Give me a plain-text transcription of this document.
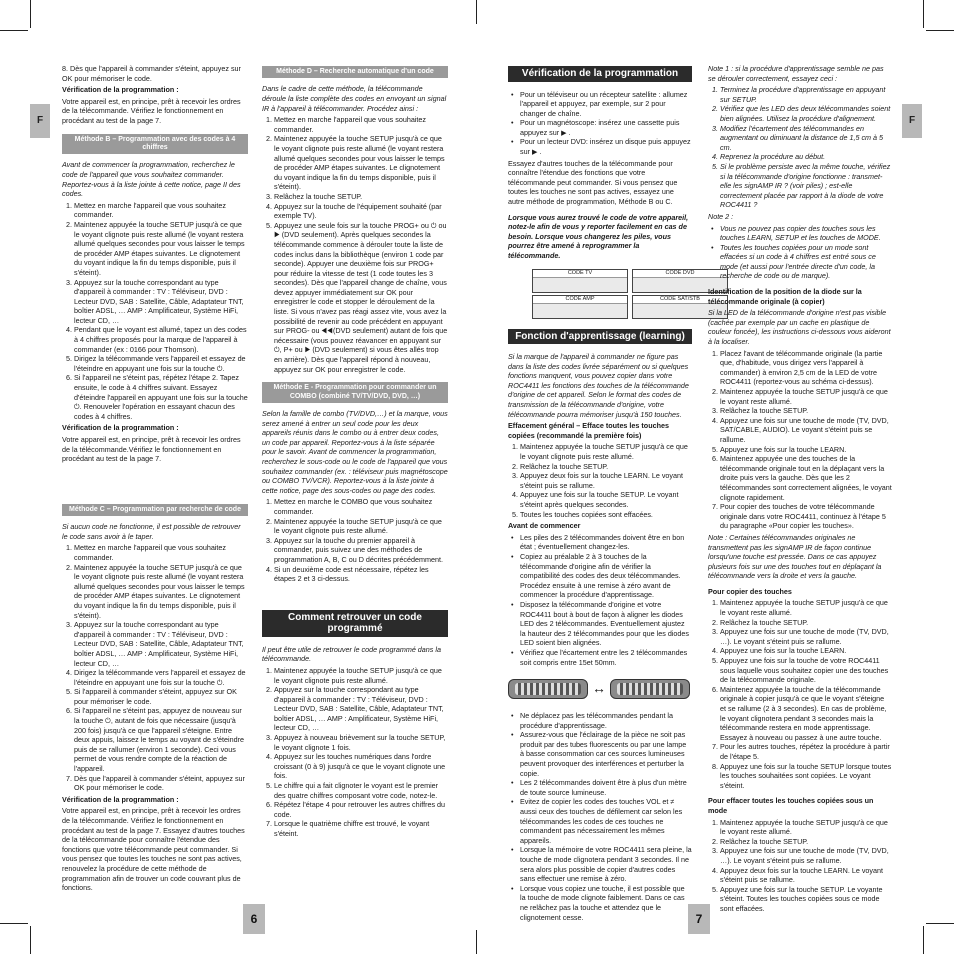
F	F
6	7

8. Dès que l'appareil à commander s'éteint, appuyez sur OK pour mémoriser le code.

Vérification de la programmation :

Votre appareil est, en principe, prêt à recevoir les ordres de la télécommande. Vérifiez le fonctionnement en procédant au test de la page 7.

Méthode B – Programmation avec des codes à 4 chiffres

Avant de commencer la programmation, recherchez le code de l'appareil que vous souhaitez commander. Reportez-vous à la liste jointe à cette notice, page II des codes.

1. Mettez en marche l'appareil que vous souhaitez commander.
2. Maintenez appuyée la touche SETUP jusqu'à ce que le voyant clignote puis reste allumé (le voyant restera allumé quelques secondes pour vous laisser le temps de procéder AMP étapes suivantes. Le clignotement du voyant indique la fin du temps disponible, puis il s'éteint).
3. Appuyez sur la touche correspondant au type d'appareil à commander : TV : Téléviseur, DVD : Lecteur DVD, SAB : Satellite, Câble, Adaptateur TNT, boîtier ADSL, … AMP : Amplificateur, Système HiFi, lecteur CD, …
4. Pendant que le voyant est allumé, tapez un des codes à 4 chiffres proposés pour la marque de l'appareil à commander (ex : 0166 pour Thomson).
5. Dirigez la télécommande vers l'appareil et essayez de l'éteindre en appuyant une fois sur la touche ⏻.
6. Si l'appareil ne s'éteint pas, répétez l'étape 2. Tapez ensuite, le code à 4 chiffres suivant. Essayez d'éteindre l'appareil en appuyant une fois sur la touche ⏻. Renouveler l'opération en essayant chacun des codes à 4 chiffres.

Vérification de la programmation :

Votre appareil est, en principe, prêt à recevoir les ordres de la télécommande.Vérifiez le fonctionnement en procédant au test de la page 7.

Méthode C – Programmation par recherche de code

Si aucun code ne fonctionne, il est possible de retrouver le code sans avoir à le taper.

1. Mettez en marche l'appareil que vous souhaitez commander.
2. Maintenez appuyée la touche SETUP jusqu'à ce que le voyant clignote puis reste allumé (le voyant restera allumé quelques secondes pour vous laisser le temps de procéder AMP étapes suivantes. Le clignotement du voyant indique la fin du temps disponible, puis il s'éteint).
3. Appuyez sur la touche correspondant au type d'appareil à commander : TV : Téléviseur, DVD : Lecteur DVD, SAB : Satellite, Câble, Adaptateur TNT, boîtier ADSL, … AMP : Amplificateur, Système HiFi, lecteur CD, …
4. Dirigez la télécommande vers l'appareil et essayez de l'éteindre en appuyant une fois sur la touche ⏻.
5. Si l'appareil à commander s'éteint, appuyez sur OK pour mémoriser le code.
6. Si l'appareil ne s'éteint pas, appuyez de nouveau sur la touche ⏻, autant de fois que nécessaire (jusqu'à 200 fois) jusqu'à ce que l'appareil s'éteigne. Entre deux appuis, laissez le temps au voyant de s'éteindre puis de se rallumer (environ 1 seconde). Ceci vous permet de vous rendre compte de la réaction de l'appareil.
7. Dès que l'appareil à commander s'éteint, appuyez sur OK pour mémoriser le code.

Vérification de la programmation :

Votre appareil est, en principe, prêt à recevoir les ordres de la télécommande. Vérifiez le fonctionnement en procédant au test de la page 7. Essayez d'autres touches de la télécommande pour connaître l'étendue des fonctions que votre télécommande peut commander. Si vous pensez que toutes les touches ne sont pas actives, renouvelez la procédure de cette méthode de programmation afin de trouver un code couvrant plus de fonctions.

Méthode D – Recherche automatique d'un code

Dans le cadre de cette méthode, la télécommande déroule la liste complète des codes en envoyant un signal IR à l'appareil à télécommander. Procédez ainsi :

1. Mettez en marche l'appareil que vous souhaitez commander.
2. Maintenez appuyée la touche SETUP jusqu'à ce que le voyant clignote puis reste allumé (le voyant restera allumé quelques secondes pour vous laisser le temps de procéder AMP étapes suivantes. Le clignotement du voyant indique la fin du temps disponible, puis il s'éteint).
3. Relâchez la touche SETUP.
4. Appuyez sur la touche de l'équipement souhaité (par exemple TV).
5. Appuyez une seule fois sur la touche PROG+ ou ⏻ ou ▶ (DVD seulement). Après quelques secondes la télécommande commence à dérouler toute la liste de codes inclus dans la bibliothèque (environ 1 code par seconde). Appuyer une deuxième fois sur PROG+ pour réduire la vitesse de test (1 code toutes les 3 secondes). Dès que l'appareil change de chaîne, vous devez appuyer immédiatement sur OK pour enregistrer le code et stopper le déroulement de la liste. Si vous n'avez pas réagi assez vite, vous avez la possibilité de revenir au code précédent en appuyant sur PROG- ou ◀◀(DVD seulement) autant de fois que nécessaire (vous pouvez réavancer en appuyant sur ⏻, P+ ou ▶ (DVD seulement) si vous êtes allés trop en arrière). Dès que l'appareil répond à nouveau, appuyez sur OK pour enregistrer le code.
Méthode E - Programmation pour commander un COMBO (combiné TV/TV/DVD, DVD, …)

Selon la famille de combo (TV/DVD,…) et la marque, vous serez amené à entrer un seul code pour les deux appareils réunis dans le combo ou à entrer deux codes, un code par appareil. Reportez-vous à la liste séparée pour le savoir. Avant de commencer la programmation, recherchez le sous-code ou le code de l'appareil que vous souhaitez commander (ex. : téléviseur puis magnétoscope ou COMBO TV/VCR). Reportez-vous à la liste jointe à cette notice, page des sous-codes ou page des codes.

1. Mettez en marche le COMBO que vous souhaitez commander.
2. Maintenez appuyée la touche SETUP jusqu'à ce que le voyant clignote puis reste allumé.
3. Appuyez sur la touche du premier appareil à commander, puis suivez une des méthodes de programmation A, B, C ou D décrites précédemment.
4. Si un deuxième code est nécessaire, répétez les étapes 2 et 3 ci-dessus.
Comment retrouver un code programmé

Il peut être utile de retrouver le code programmé dans la télécommande.

1. Maintenez appuyée la touche SETUP jusqu'à ce que le voyant clignote puis reste allumé.
2. Appuyez sur la touche correspondant au type d'appareil à commander : TV : Téléviseur, DVD : Lecteur DVD, SAB : Satellite, Câble, Adaptateur TNT, boîtier ADSL, … AMP : Amplificateur, Système HiFi, lecteur CD, …
3. Appuyez à nouveau brièvement sur la touche SETUP, le voyant clignote 1 fois.
4. Appuyez sur les touches numériques dans l'ordre croissant (0 à 9) jusqu'à ce que le voyant clignote une fois.
5. Le chiffre qui a fait clignoter le voyant est le premier des quatre chiffres composant votre code, notez-le.
6. Répétez l'étape 4 pour retrouver les autres chiffres du code.
7. Lorsque le quatrième chiffre est trouvé, le voyant s'éteint.
Vérification de la programmation
• Pour un téléviseur ou un récepteur satellite : allumez l'appareil et appuyez, par exemple, sur 2 pour changer de chaîne.
• Pour un magnétoscope: insérez une cassette puis appuyez sur ▶ .
• Pour un lecteur DVD: insérez un disque puis appuyez sur ▶ .

Essayez d'autres touches de la télécommande pour connaître l'étendue des fonctions que votre télécommande peut commander. Si vous pensez que toutes les touches ne sont pas actives, essayez une autre méthode de programmation, Méthode B ou C.

Lorsque vous aurez trouvé le code de votre appareil, notez-le afin de vous y reporter facilement en cas de besoin. Lorsque vous changerez les piles, vous pourrez être amené à reprogrammer la télécommande.

CODE TV	CODE DVD
CODE AMP	CODE SAT/STB
Fonction d'apprentissage (learning)

Si la marque de l'appareil à commander ne figure pas dans la liste des codes livrée séparément ou si quelques fonctions manquent, vous pouvez copier dans votre ROC4411 les fonctions des touches de la télécommande d'origine de cet appareil. Selon le format des codes de transmission de la télécommande d'origine, votre télécommande pourra mémoriser jusqu'à 150 touches.

Effacement général – Efface toutes les touches copiées (recommandé la première fois)

1. Maintenez appuyée la touche SETUP jusqu'à ce que le voyant clignote puis reste allumé.
2. Relâchez la touche SETUP.
3. Appuyez deux fois sur la touche LEARN. Le voyant s'éteint puis se rallume.
4. Appuyez une fois sur la touche SETUP. Le voyant s'éteint après quelques secondes.
5. Toutes les touches copiées sont effacées.

Avant de commencer

• Les piles des 2 télécommandes doivent être en bon état ; éventuellement changez-les.
• Copiez au préalable 2 à 3 touches de la télécommande d'origine afin de vérifier la compatibilité des codes des deux télécommandes. Procédez ensuite à une remise à zéro avant de commencer la procédure d'apprentissage.
• Disposez la télécommande d'origine et votre ROC4411 bout à bout de façon à aligner les diodes LED des 2 télécommandes. Eventuellement ajustez la hauteur des 2 télécommandes pour que les diodes LED soient bien alignées.
• Vérifiez que l'écartement entre les 2 télécommandes soit compris entre 15et 50mm.
↔
• Ne déplacez pas les télécommandes pendant la procédure d'apprentissage.
• Assurez-vous que l'éclairage de la pièce ne soit pas produit par des tubes fluorescents ou par une lampe à basse consommation car ces sources lumineuses peuvent provoquer des interférences et perturber la copie.
• Les 2 télécommandes doivent être à plus d'un mètre de toute source lumineuse.
• Evitez de copier les codes des touches VOL et ≠ aussi ceux des touches de défilement car selon les télécommandes les codes de ces touches ne commandent pas nécessairement les mêmes appareils.
• Lorsque la mémoire de votre ROC4411 sera pleine, la touche de mode clignotera pendant 3 secondes. Il ne sera alors plus possible de copier d'autres codes sans effectuer une remise à zéro.
• Lorsque vous copiez une touche, il est possible que la touche de mode clignote faiblement. Dans ce cas ne relâchez pas la touche et attendez que le clignotement cesse.

Note 1 : si la procédure d'apprentissage semble ne pas se dérouler correctement, essayez ceci :

1. Terminez la procédure d'apprentissage en appuyant sur SETUP.
2. Vérifiez que les LED des deux télécommandes soient bien alignées. Utilisez la procédure d'alignement.
3. Modifiez l'écartement des télécommandes en augmentant ou diminuant la distance de 1,5 cm à 5 cm.
4. Reprenez la procédure au début.
5. Si le problème persiste avec la même touche, vérifiez si la télécommande d'origine fonctionne : transmet-elle les signAMP IR ? (voir piles) ; est-elle correctement placée par rapport à la diode de votre ROC4411 ?

Note 2 :

• Vous ne pouvez pas copier des touches sous les touches LEARN, SETUP et les touches de MODE.
• Toutes les touches copiées pour un mode sont effacées si un code à 4 chiffres est entré sous ce mode (et aussi pour l'entrée directe d'un code, la recherche de code ou de marque).

Identification de la position de la diode sur la télécommande originale (à copier)

Si la LED de la télécommande d'origine n'est pas visible (cachée par exemple par un cache en plastique de couleur foncée), les instructions ci-dessous vous aideront à la localiser.

1. Placez l'avant de télécommande originale (la partie que, d'habitude, vous dirigez vers l'appareil à commander) à environ 2,5 cm de la LED de votre ROC4411 (reportez-vous au schéma ci-dessus).
2. Maintenez appuyée la touche SETUP jusqu'à ce que le voyant reste allumé.
3. Relâchez la touche SETUP.
4. Appuyez une fois sur une touche de mode (TV, DVD, SAT/CABLE, AUDIO). Le voyant s'éteint puis se rallume.
5. Appuyez une fois sur la touche LEARN.
6. Maintenez appuyée une des touches de la télécommande originale tout en la déplaçant vers la droite puis vers la gauche. Dès que les 2 télécommandes sont correctement alignées, le voyant clignote rapidement.
7. Pour copier des touches de votre télécommande originale dans votre ROC4411, continuez à l'étape 5 du paragraphe «Pour copier les touches».

Note : Certaines télécommandes originales ne transmettent pas les signAMP IR de façon continue lorsqu'une touche est pressée. Dans ce cas appuyez plusieurs fois sur une des touches tout en déplaçant la télécommande vers la droite et vers la gauche.

Pour copier des touches

1. Maintenez appuyée la touche SETUP jusqu'à ce que le voyant reste allumé.
2. Relâchez la touche SETUP.
3. Appuyez une fois sur une touche de mode (TV, DVD, …). Le voyant s'éteint puis se rallume.
4. Appuyez une fois sur la touche LEARN.
5. Appuyez une fois sur la touche de votre ROC4411 sous laquelle vous souhaitez copier une des touches de la télécommande originale.
6. Maintenez appuyée la touche de la télécommande originale à copier jusqu'à ce que le voyant s'éteigne et se rallume (2 à 3 secondes). En cas de problème, le voyant clignotera pendant 3 secondes mais la télécommande restera en mode apprentissage. Essayez à nouveau ou passez à une autre touche.
7. Pour les autres touches, répétez la procédure à partir de l'étape 5.
8. Appuyez une fois sur la touche SETUP lorsque toutes les touches souhaitées sont copiées. Le voyant s'éteint.

Pour effacer toutes les touches copiées sous un mode

1. Maintenez appuyée la touche SETUP jusqu'à ce que le voyant reste allumé.
2. Relâchez la touche SETUP.
3. Appuyez une fois sur une touche de mode (TV, DVD, …). Le voyant s'éteint puis se rallume.
4. Appuyez deux fois sur la touche LEARN. Le voyant s'éteint puis se rallume.
5. Appuyez une fois sur la touche SETUP. Le voyante s'éteint. Toutes les touches copiées sous ce mode sont effacées.
